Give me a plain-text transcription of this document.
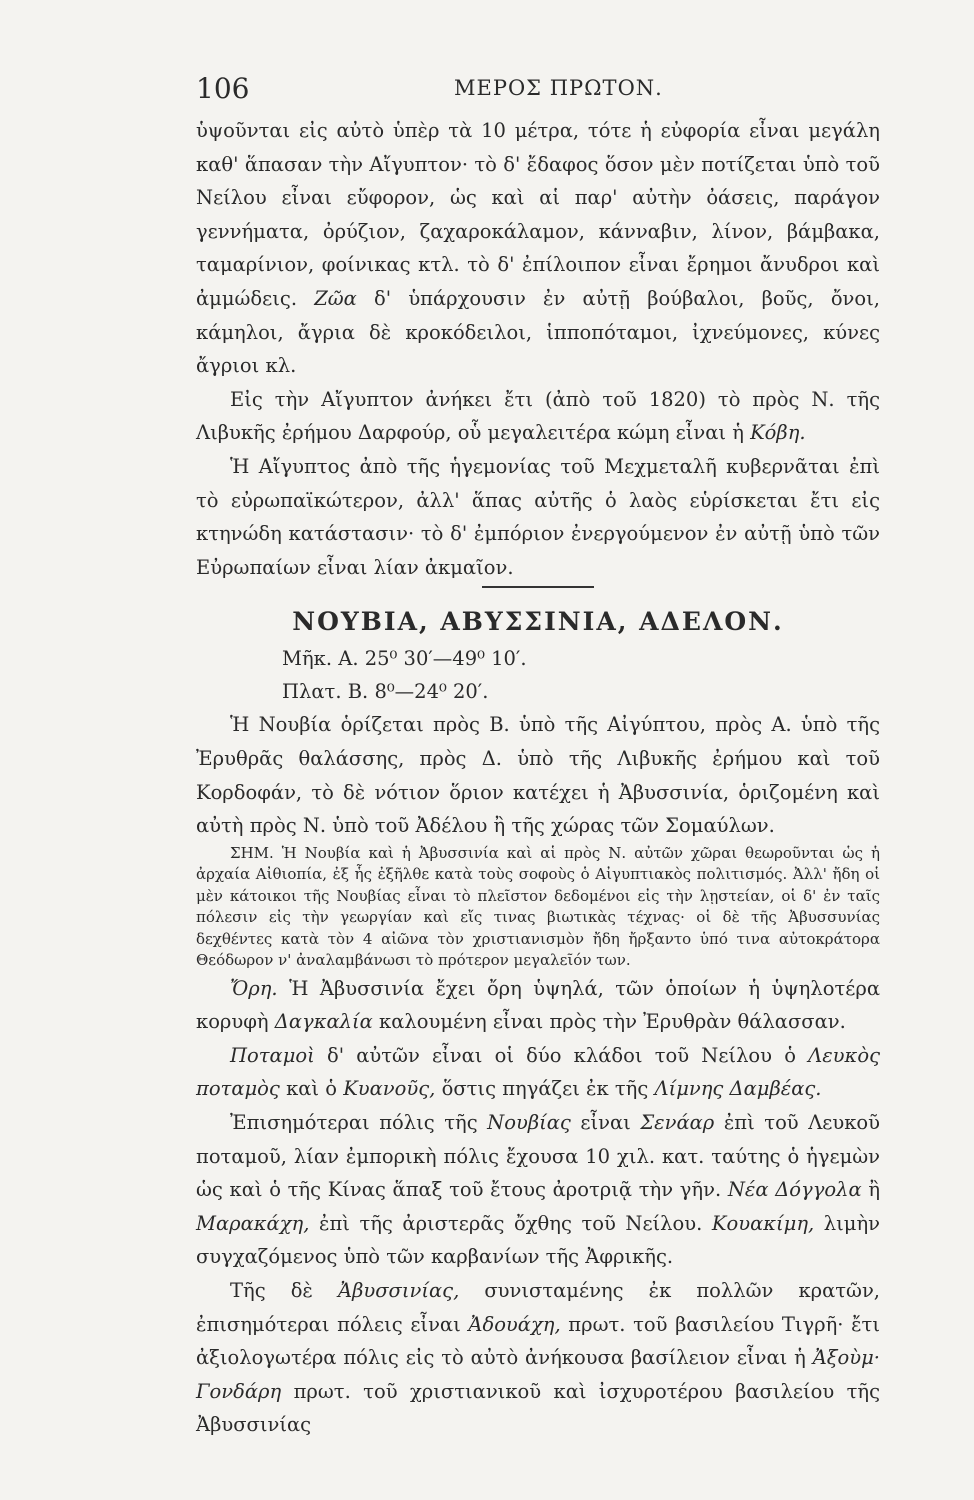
106	ΜΕΡΟΣ ΠΡΩΤΟΝ.

ὑψοῦνται εἰς αὐτὸ ὑπὲρ τὰ 10 μέτρα, τότε ἡ εὐφορία εἶναι μεγάλη καθ' ἅπασαν τὴν Αἴγυπτον· τὸ δ' ἔδαφος ὅσον μὲν ποτίζεται ὑπὸ τοῦ Νείλου εἶναι εὔφορον, ὡς καὶ αἱ παρ' αὐτὴν ὀάσεις, παράγον γεννήματα, ὀρύζιον, ζαχαροκάλαμον, κάνναβιν, λίνον, βάμβακα, ταμαρίνιον, φοίνικας κτλ. τὸ δ' ἐπίλοιπον εἶναι ἔρημοι ἄνυδροι καὶ ἀμμώδεις. Ζῶα δ' ὑπάρχουσιν ἐν αὐτῇ βούβαλοι, βοῦς, ὄνοι, κάμηλοι, ἄγρια δὲ κροκόδειλοι, ἱπποπόταμοι, ἰχνεύμονες, κύνες ἄγριοι κλ.

Εἰς τὴν Αἴγυπτον ἀνήκει ἔτι (ἀπὸ τοῦ 1820) τὸ πρὸς Ν. τῆς Λιβυκῆς ἐρήμου Δαρφούρ, οὗ μεγαλειτέρα κώμη εἶναι ἡ Κόβη.

Ἡ Αἴγυπτος ἀπὸ τῆς ἡγεμονίας τοῦ Μεχμεταλῆ κυβερνᾶται ἐπὶ τὸ εὐρωπαϊκώτερον, ἀλλ' ἅπας αὐτῆς ὁ λαὸς εὑρίσκεται ἔτι εἰς κτηνώδη κατάστασιν· τὸ δ' ἐμπόριον ἐνεργούμενον ἐν αὐτῇ ὑπὸ τῶν Εὐρωπαίων εἶναι λίαν ἀκμαῖον.

ΝΟΥΒΙΑ, ΑΒΥΣΣΙΝΙΑ, ΑΔΕΛΟΝ.
Μῆκ. Α. 25⁰ 30′—49⁰ 10′.
Πλατ. Β. 8⁰—24⁰ 20′.

Ἡ Νουβία ὁρίζεται πρὸς Β. ὑπὸ τῆς Αἰγύπτου, πρὸς Α. ὑπὸ τῆς Ἐρυθρᾶς θαλάσσης, πρὸς Δ. ὑπὸ τῆς Λιβυκῆς ἐρήμου καὶ τοῦ Κορδοφάν, τὸ δὲ νότιον ὅριον κατέχει ἡ Ἀβυσσινία, ὁριζομένη καὶ αὐτὴ πρὸς Ν. ὑπὸ τοῦ Ἀδέλου ἢ τῆς χώρας τῶν Σομαύλων.

ΣΗΜ. Ἡ Νουβία καὶ ἡ Ἀβυσσινία καὶ αἱ πρὸς Ν. αὐτῶν χῶραι θεωροῦνται ὡς ἡ ἀρχαία Αἰθιοπία, ἐξ ἧς ἐξῆλθε κατὰ τοὺς σοφοὺς ὁ Αἰγυπτιακὸς πολιτισμός. Ἀλλ' ἤδη οἱ μὲν κάτοικοι τῆς Νουβίας εἶναι τὸ πλεῖστον δεδομένοι εἰς τὴν λῃστείαν, οἱ δ' ἐν ταῖς πόλεσιν εἰς τὴν γεωργίαν καὶ εἴς τινας βιωτικὰς τέχνας· οἱ δὲ τῆς Ἀβυσσυνίας δεχθέντες κατὰ τὸν 4 αἰῶνα τὸν χριστιανισμὸν ἤδη ἤρξαντο ὑπό τινα αὐτοκράτορα Θεόδωρον ν' ἀναλαμβάνωσι τὸ πρότερον μεγαλεῖόν των.

Ὄρη. Ἡ Ἀβυσσινία ἔχει ὄρη ὑψηλά, τῶν ὁποίων ἡ ὑψηλοτέρα κορυφὴ Δαγκαλία καλουμένη εἶναι πρὸς τὴν Ἐρυθρὰν θάλασσαν.

Ποταμοὶ δ' αὐτῶν εἶναι οἱ δύο κλάδοι τοῦ Νείλου ὁ Λευκὸς ποταμὸς καὶ ὁ Κυανοῦς, ὅστις πηγάζει ἐκ τῆς Λίμνης Δαμβέας.

Ἐπισημότεραι πόλις τῆς Νουβίας εἶναι Σενάαρ ἐπὶ τοῦ Λευκοῦ ποταμοῦ, λίαν ἐμπορικὴ πόλις ἔχουσα 10 χιλ. κατ. ταύτης ὁ ἡγεμὼν ὡς καὶ ὁ τῆς Κίνας ἅπαξ τοῦ ἔτους ἀροτριᾷ τὴν γῆν. Νέα Δόγγολα ἢ Μαρακάχη, ἐπὶ τῆς ἀριστερᾶς ὄχθης τοῦ Νείλου. Κουακίμη, λιμὴν συγχαζόμενος ὑπὸ τῶν καρβανίων τῆς Ἀφρικῆς.

Τῆς δὲ Ἀβυσσινίας, συνισταμένης ἐκ πολλῶν κρατῶν, ἐπισημότεραι πόλεις εἶναι Ἀδουάχη, πρωτ. τοῦ βασιλείου Τιγρῆ· ἔτι ἀξιολογωτέρα πόλις εἰς τὸ αὐτὸ ἀνήκουσα βασίλειον εἶναι ἡ Ἀξοὺμ· Γονδάρη πρωτ. τοῦ χριστιανικοῦ καὶ ἰσχυροτέρου βασιλείου τῆς Ἀβυσσινίας
